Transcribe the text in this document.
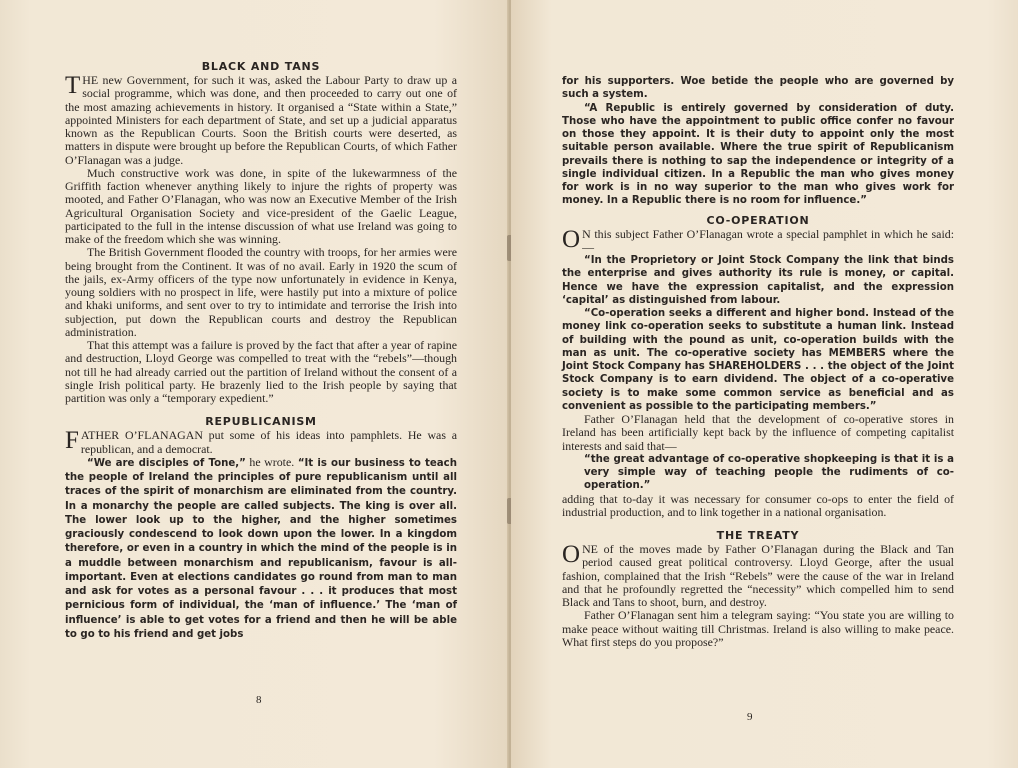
BLACK AND TANS

THE new Government, for such it was, asked the Labour Party to draw up a social programme, which was done, and then proceeded to carry out one of the most amazing achievements in history. It organised a “State within a State,” appointed Ministers for each department of State, and set up a judicial apparatus known as the Republican Courts. Soon the British courts were deserted, as matters in dispute were brought up before the Republican Courts, of which Father O’Flanagan was a judge.

Much constructive work was done, in spite of the lukewarmness of the Griffith faction whenever anything likely to injure the rights of property was mooted, and Father O’Flanagan, who was now an Executive Member of the Irish Agricultural Organisation Society and vice-president of the Gaelic League, participated to the full in the intense discussion of what use Ireland was going to make of the freedom which she was winning.

The British Government flooded the country with troops, for her armies were being brought from the Continent. It was of no avail. Early in 1920 the scum of the jails, ex-Army officers of the type now unfortunately in evidence in Kenya, young soldiers with no prospect in life, were hastily put into a mixture of police and khaki uniforms, and sent over to try to intimidate and terrorise the Irish into subjection, put down the Republican courts and destroy the Republican administration.

That this attempt was a failure is proved by the fact that after a year of rapine and destruction, Lloyd George was compelled to treat with the “rebels”—though not till he had already carried out the partition of Ireland without the consent of a single Irish political party. He brazenly lied to the Irish people by saying that partition was only a “temporary expedient.”

REPUBLICANISM

FATHER O’FLANAGAN put some of his ideas into pamphlets. He was a republican, and a democrat.

“We are disciples of Tone,” he wrote. “It is our business to teach the people of Ireland the principles of pure republicanism until all traces of the spirit of monarchism are eliminated from the country. In a monarchy the people are called subjects. The king is over all. The lower look up to the higher, and the higher sometimes graciously condescend to look down upon the lower. In a kingdom therefore, or even in a country in which the mind of the people is in a muddle between monarchism and republicanism, favour is all-important. Even at elections candidates go round from man to man and ask for votes as a personal favour . . . it produces that most pernicious form of individual, the ‘man of influence.’ The ‘man of influence’ is able to get votes for a friend and then he will be able to go to his friend and get jobs

8

for his supporters. Woe betide the people who are governed by such a system.

“A Republic is entirely governed by consideration of duty. Those who have the appointment to public office confer no favour on those they appoint. It is their duty to appoint only the most suitable person available. Where the true spirit of Republicanism prevails there is nothing to sap the independence or integrity of a single individual citizen. In a Republic the man who gives money for work is in no way superior to the man who gives work for money. In a Republic there is no room for influence.”

CO-OPERATION

ON this subject Father O’Flanagan wrote a special pamphlet in which he said:—

“In the Proprietory or Joint Stock Company the link that binds the enterprise and gives authority its rule is money, or capital. Hence we have the expression capitalist, and the expression ‘capital’ as distinguished from labour.

“Co-operation seeks a different and higher bond. Instead of the money link co-operation seeks to substitute a human link. Instead of building with the pound as unit, co-operation builds with the man as unit. The co-operative society has MEMBERS where the Joint Stock Company has SHAREHOLDERS . . . the object of the Joint Stock Company is to earn dividend. The object of a co-operative society is to make some common service as beneficial and as convenient as possible to the participating members.”

Father O’Flanagan held that the development of co-operative stores in Ireland has been artificially kept back by the influence of competing capitalist interests and said that—

“the great advantage of co-operative shopkeeping is that it is a very simple way of teaching people the rudiments of co-operation.”

adding that to-day it was necessary for consumer co-ops to enter the field of industrial production, and to link together in a national organisation.

THE TREATY

ONE of the moves made by Father O’Flanagan during the Black and Tan period caused great political controversy. Lloyd George, after the usual fashion, complained that the Irish “Rebels” were the cause of the war in Ireland and that he profoundly regretted the “necessity” which compelled him to send Black and Tans to shoot, burn, and destroy.

Father O’Flanagan sent him a telegram saying: “You state you are willing to make peace without waiting till Christmas. Ireland is also willing to make peace. What first steps do you propose?”

9
